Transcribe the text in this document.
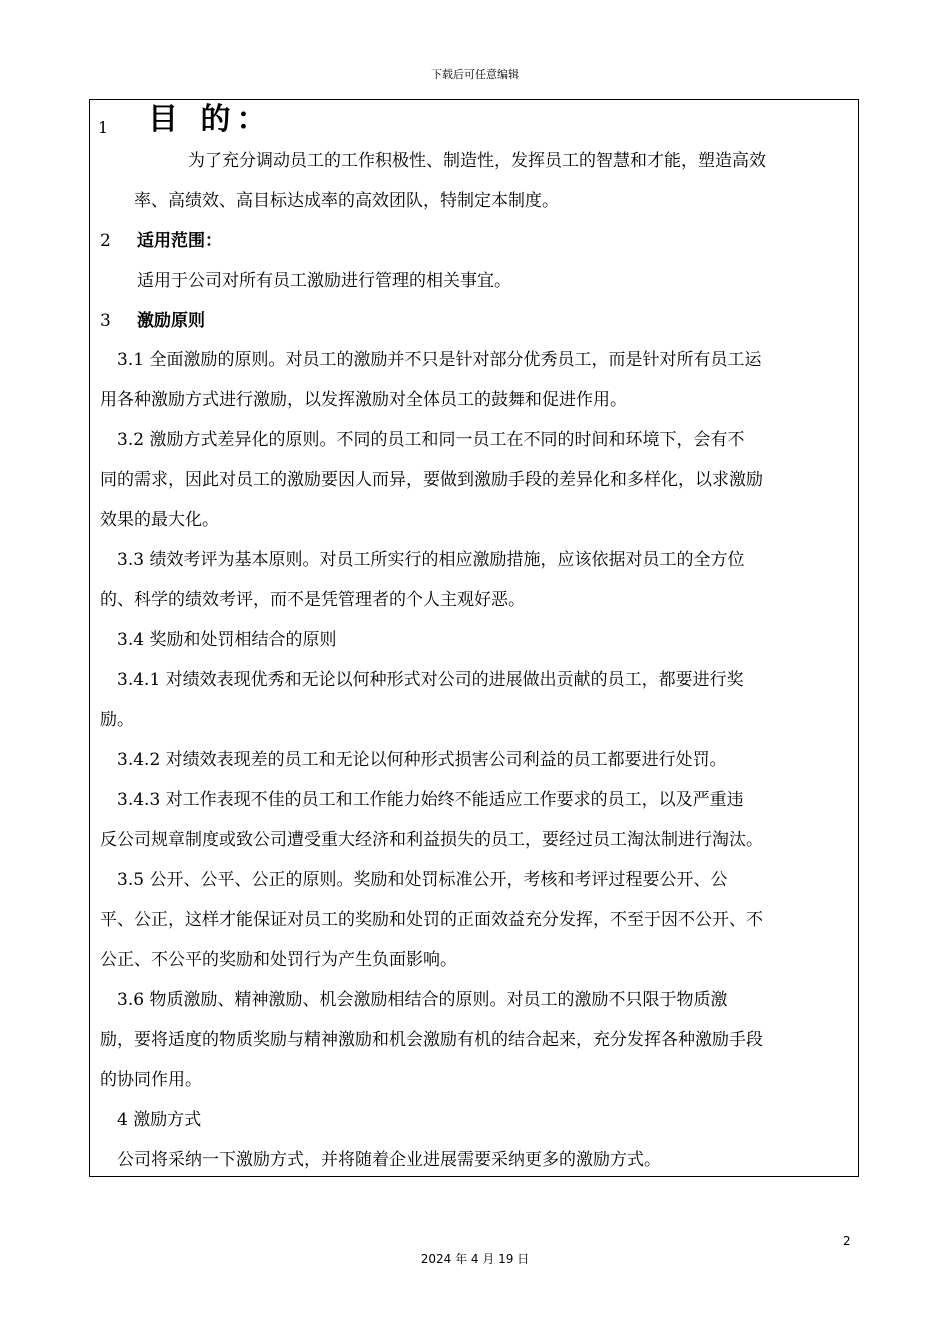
下载后可任意编辑
1 目 的：
为了充分调动员工的工作积极性、制造性，发挥员工的智慧和才能，塑造高效
率、高绩效、高目标达成率的高效团队，特制定本制度。
2 适用范围：
适用于公司对所有员工激励进行管理的相关事宜。
3 激励原则
3.1 全面激励的原则。对员工的激励并不只是针对部分优秀员工，而是针对所有员工运
用各种激励方式进行激励，以发挥激励对全体员工的鼓舞和促进作用。
3.2 激励方式差异化的原则。不同的员工和同一员工在不同的时间和环境下，会有不
同的需求，因此对员工的激励要因人而异，要做到激励手段的差异化和多样化，以求激励
效果的最大化。
3.3 绩效考评为基本原则。对员工所实行的相应激励措施，应该依据对员工的全方位
的、科学的绩效考评，而不是凭管理者的个人主观好恶。
3.4 奖励和处罚相结合的原则
3.4.1 对绩效表现优秀和无论以何种形式对公司的进展做出贡献的员工，都要进行奖
励。
3.4.2 对绩效表现差的员工和无论以何种形式损害公司利益的员工都要进行处罚。
3.4.3 对工作表现不佳的员工和工作能力始终不能适应工作要求的员工，以及严重违
反公司规章制度或致公司遭受重大经济和利益损失的员工，要经过员工淘汰制进行淘汰。
3.5 公开、公平、公正的原则。奖励和处罚标准公开，考核和考评过程要公开、公
平、公正，这样才能保证对员工的奖励和处罚的正面效益充分发挥，不至于因不公开、不
公正、不公平的奖励和处罚行为产生负面影响。
3.6 物质激励、精神激励、机会激励相结合的原则。对员工的激励不只限于物质激
励，要将适度的物质奖励与精神激励和机会激励有机的结合起来，充分发挥各种激励手段
的协同作用。
4 激励方式
公司将采纳一下激励方式，并将随着企业进展需要采纳更多的激励方式。
2
2024 年 4 月 19 日
